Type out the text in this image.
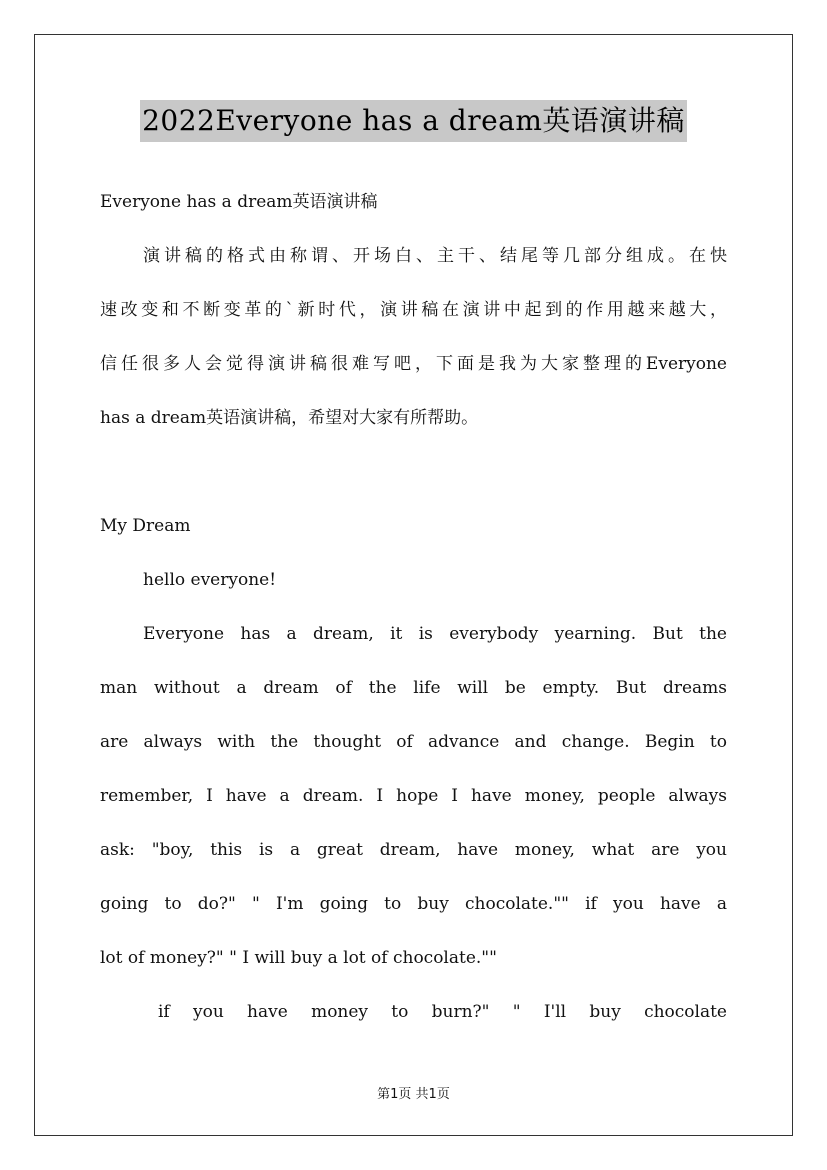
2022Everyone has a dream英语演讲稿
Everyone has a dream英语演讲稿
演讲稿的格式由称谓、开场白、主干、结尾等几部分组成。在快
速改变和不断变革的`新时代，演讲稿在演讲中起到的作用越来越大，
信任很多人会觉得演讲稿很难写吧，下面是我为大家整理的Everyone
has a dream英语演讲稿，希望对大家有所帮助。
My Dream
hello everyone!
Everyone has a dream, it is everybody yearning. But the
man without a dream of the life will be empty. But dreams
are always with the thought of advance and change. Begin to
remember, I have a dream. I hope I have money, people always
ask: "boy, this is a great dream, have money, what are you
going to do?" " I'm going to buy chocolate."" if you have a
lot of money?" " I will buy a lot of chocolate.""
if you have money to burn?" " I'll buy chocolate
第1页 共1页
